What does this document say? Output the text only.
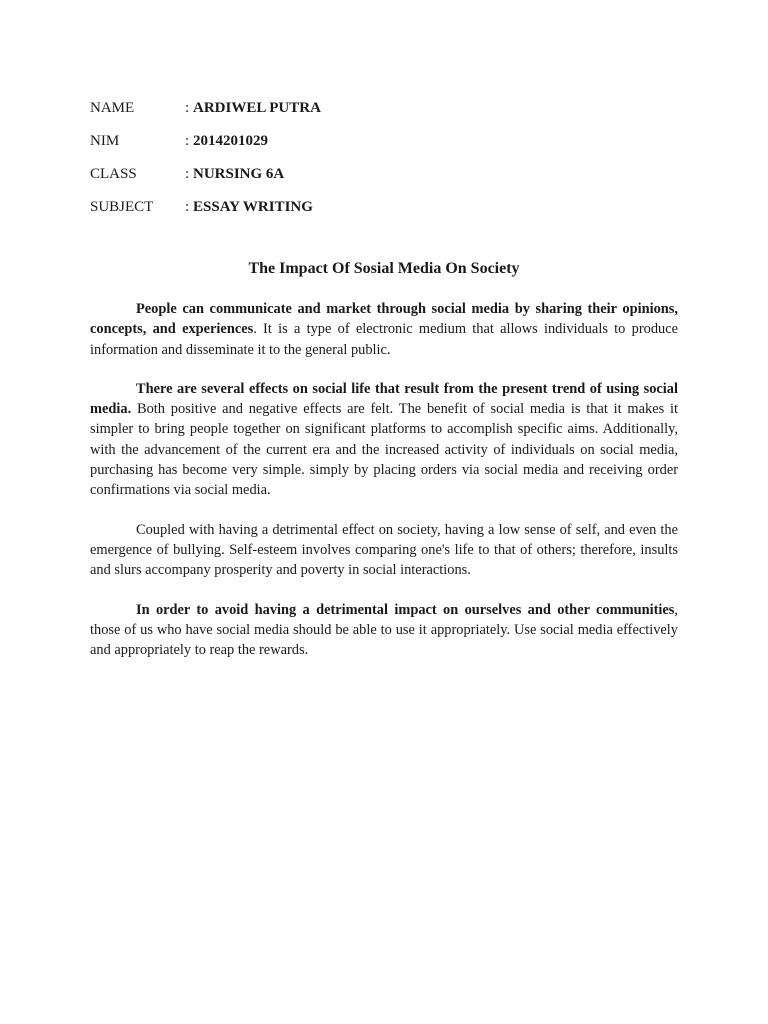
NAME	: ARDIWEL PUTRA
NIM	: 2014201029
CLASS	: NURSING 6A
SUBJECT	: ESSAY WRITING
The Impact Of Sosial Media On Society

People can communicate and market through social media by sharing their opinions, concepts, and experiences. It is a type of electronic medium that allows individuals to produce information and disseminate it to the general public.

There are several effects on social life that result from the present trend of using social media. Both positive and negative effects are felt. The benefit of social media is that it makes it simpler to bring people together on significant platforms to accomplish specific aims. Additionally, with the advancement of the current era and the increased activity of individuals on social media, purchasing has become very simple. simply by placing orders via social media and receiving order confirmations via social media.

Coupled with having a detrimental effect on society, having a low sense of self, and even the emergence of bullying. Self-esteem involves comparing one's life to that of others; therefore, insults and slurs accompany prosperity and poverty in social interactions.

In order to avoid having a detrimental impact on ourselves and other communities, those of us who have social media should be able to use it appropriately. Use social media effectively and appropriately to reap the rewards.
